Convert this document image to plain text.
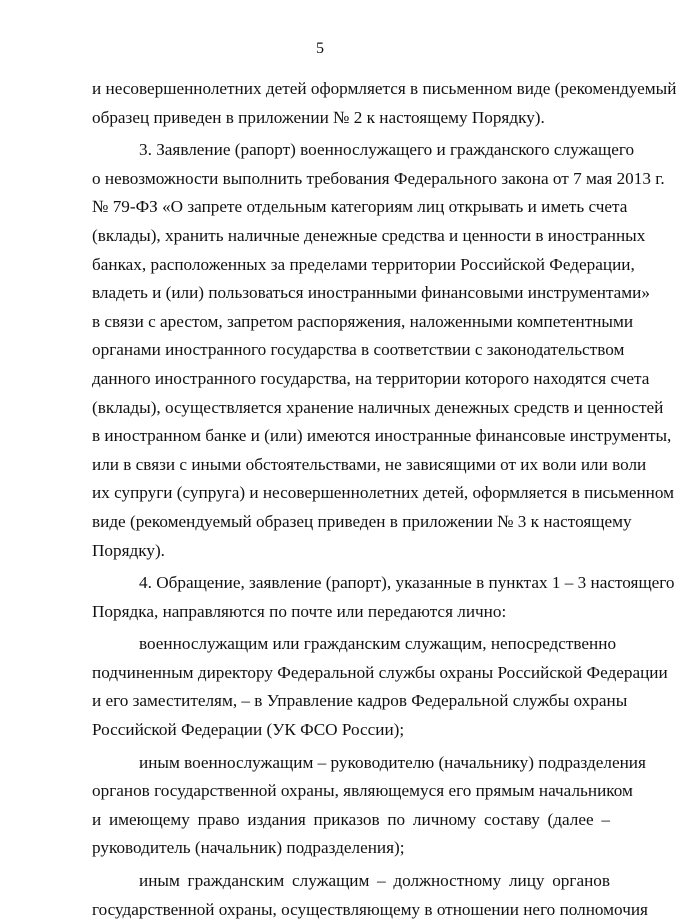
5
и несовершеннолетних детей оформляется в письменном виде (рекомендуемый
образец приведен в приложении № 2 к настоящему Порядку).
3. Заявление (рапорт) военнослужащего и гражданского служащего
о невозможности выполнить требования Федерального закона от 7 мая 2013 г.
№ 79-ФЗ «О запрете отдельным категориям лиц открывать и иметь счета
(вклады), хранить наличные денежные средства и ценности в иностранных
банках, расположенных за пределами территории Российской Федерации,
владеть и (или) пользоваться иностранными финансовыми инструментами»
в связи с арестом, запретом распоряжения, наложенными компетентными
органами иностранного государства в соответствии с законодательством
данного иностранного государства, на территории которого находятся счета
(вклады), осуществляется хранение наличных денежных средств и ценностей
в иностранном банке и (или) имеются иностранные финансовые инструменты,
или в связи с иными обстоятельствами, не зависящими от их воли или воли
их супруги (супруга) и несовершеннолетних детей, оформляется в письменном
виде (рекомендуемый образец приведен в приложении № 3 к настоящему
Порядку).
4. Обращение, заявление (рапорт), указанные в пунктах 1 – 3 настоящего
Порядка, направляются по почте или передаются лично:
военнослужащим или гражданским служащим, непосредственно
подчиненным директору Федеральной службы охраны Российской Федерации
и его заместителям, – в Управление кадров Федеральной службы охраны
Российской Федерации (УК ФСО России);
иным военнослужащим – руководителю (начальнику) подразделения
органов государственной охраны, являющемуся его прямым начальником
и имеющему право издания приказов по личному составу (далее –
руководитель (начальник) подразделения);
иным гражданским служащим – должностному лицу органов
государственной охраны, осуществляющему в отношении него полномочия
